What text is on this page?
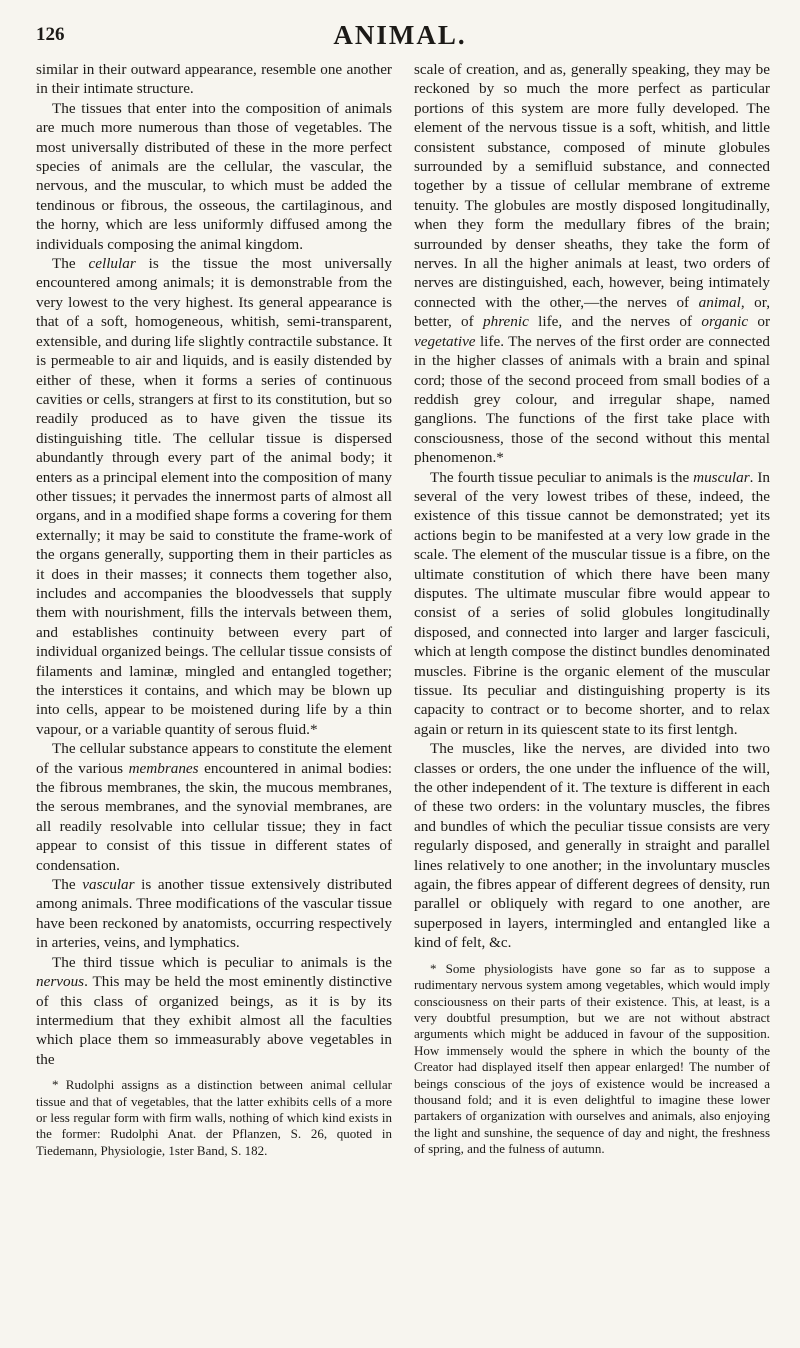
126	ANIMAL.

similar in their outward appearance, resemble one another in their intimate structure.

The tissues that enter into the composition of animals are much more numerous than those of vegetables. The most universally distributed of these in the more perfect species of animals are the cellular, the vascular, the nervous, and the muscular, to which must be added the tendinous or fibrous, the osseous, the cartilaginous, and the horny, which are less uniformly diffused among the individuals composing the animal kingdom.

The cellular is the tissue the most universally encountered among animals; it is demonstrable from the very lowest to the very highest. Its general appearance is that of a soft, homogeneous, whitish, semi-transparent, extensible, and during life slightly contractile substance. It is permeable to air and liquids, and is easily distended by either of these, when it forms a series of continuous cavities or cells, strangers at first to its constitution, but so readily produced as to have given the tissue its distinguishing title. The cellular tissue is dispersed abundantly through every part of the animal body; it enters as a principal element into the composition of many other tissues; it pervades the innermost parts of almost all organs, and in a modified shape forms a covering for them externally; it may be said to constitute the frame-work of the organs generally, supporting them in their particles as it does in their masses; it connects them together also, includes and accompanies the bloodvessels that supply them with nourishment, fills the intervals between them, and establishes continuity between every part of individual organized beings. The cellular tissue consists of filaments and laminæ, mingled and entangled together; the interstices it contains, and which may be blown up into cells, appear to be moistened during life by a thin vapour, or a variable quantity of serous fluid.*

The cellular substance appears to constitute the element of the various membranes encountered in animal bodies: the fibrous membranes, the skin, the mucous membranes, the serous membranes, and the synovial membranes, are all readily resolvable into cellular tissue; they in fact appear to consist of this tissue in different states of condensation.

The vascular is another tissue extensively distributed among animals. Three modifications of the vascular tissue have been reckoned by anatomists, occurring respectively in arteries, veins, and lymphatics.

The third tissue which is peculiar to animals is the nervous. This may be held the most eminently distinctive of this class of organized beings, as it is by its intermedium that they exhibit almost all the faculties which place them so immeasurably above vegetables in the

* Rudolphi assigns as a distinction between animal cellular tissue and that of vegetables, that the latter exhibits cells of a more or less regular form with firm walls, nothing of which kind exists in the former: Rudolphi Anat. der Pflanzen, S. 26, quoted in Tiedemann, Physiologie, 1ster Band, S. 182.

scale of creation, and as, generally speaking, they may be reckoned by so much the more perfect as particular portions of this system are more fully developed. The element of the nervous tissue is a soft, whitish, and little consistent substance, composed of minute globules surrounded by a semifluid substance, and connected together by a tissue of cellular membrane of extreme tenuity. The globules are mostly disposed longitudinally, when they form the medullary fibres of the brain; surrounded by denser sheaths, they take the form of nerves. In all the higher animals at least, two orders of nerves are distinguished, each, however, being intimately connected with the other,—the nerves of animal, or, better, of phrenic life, and the nerves of organic or vegetative life. The nerves of the first order are connected in the higher classes of animals with a brain and spinal cord; those of the second proceed from small bodies of a reddish grey colour, and irregular shape, named ganglions. The functions of the first take place with consciousness, those of the second without this mental phenomenon.*

The fourth tissue peculiar to animals is the muscular. In several of the very lowest tribes of these, indeed, the existence of this tissue cannot be demonstrated; yet its actions begin to be manifested at a very low grade in the scale. The element of the muscular tissue is a fibre, on the ultimate constitution of which there have been many disputes. The ultimate muscular fibre would appear to consist of a series of solid globules longitudinally disposed, and connected into larger and larger fasciculi, which at length compose the distinct bundles denominated muscles. Fibrine is the organic element of the muscular tissue. Its peculiar and distinguishing property is its capacity to contract or to become shorter, and to relax again or return in its quiescent state to its first lentgh.

The muscles, like the nerves, are divided into two classes or orders, the one under the influence of the will, the other independent of it. The texture is different in each of these two orders: in the voluntary muscles, the fibres and bundles of which the peculiar tissue consists are very regularly disposed, and generally in straight and parallel lines relatively to one another; in the involuntary muscles again, the fibres appear of different degrees of density, run parallel or obliquely with regard to one another, are superposed in layers, intermingled and entangled like a kind of felt, &c.

* Some physiologists have gone so far as to suppose a rudimentary nervous system among vegetables, which would imply consciousness on their parts of their existence. This, at least, is a very doubtful presumption, but we are not without abstract arguments which might be adduced in favour of the supposition. How immensely would the sphere in which the bounty of the Creator had displayed itself then appear enlarged! The number of beings conscious of the joys of existence would be increased a thousand fold; and it is even delightful to imagine these lower partakers of organization with ourselves and animals, also enjoying the light and sunshine, the sequence of day and night, the freshness of spring, and the fulness of autumn.
